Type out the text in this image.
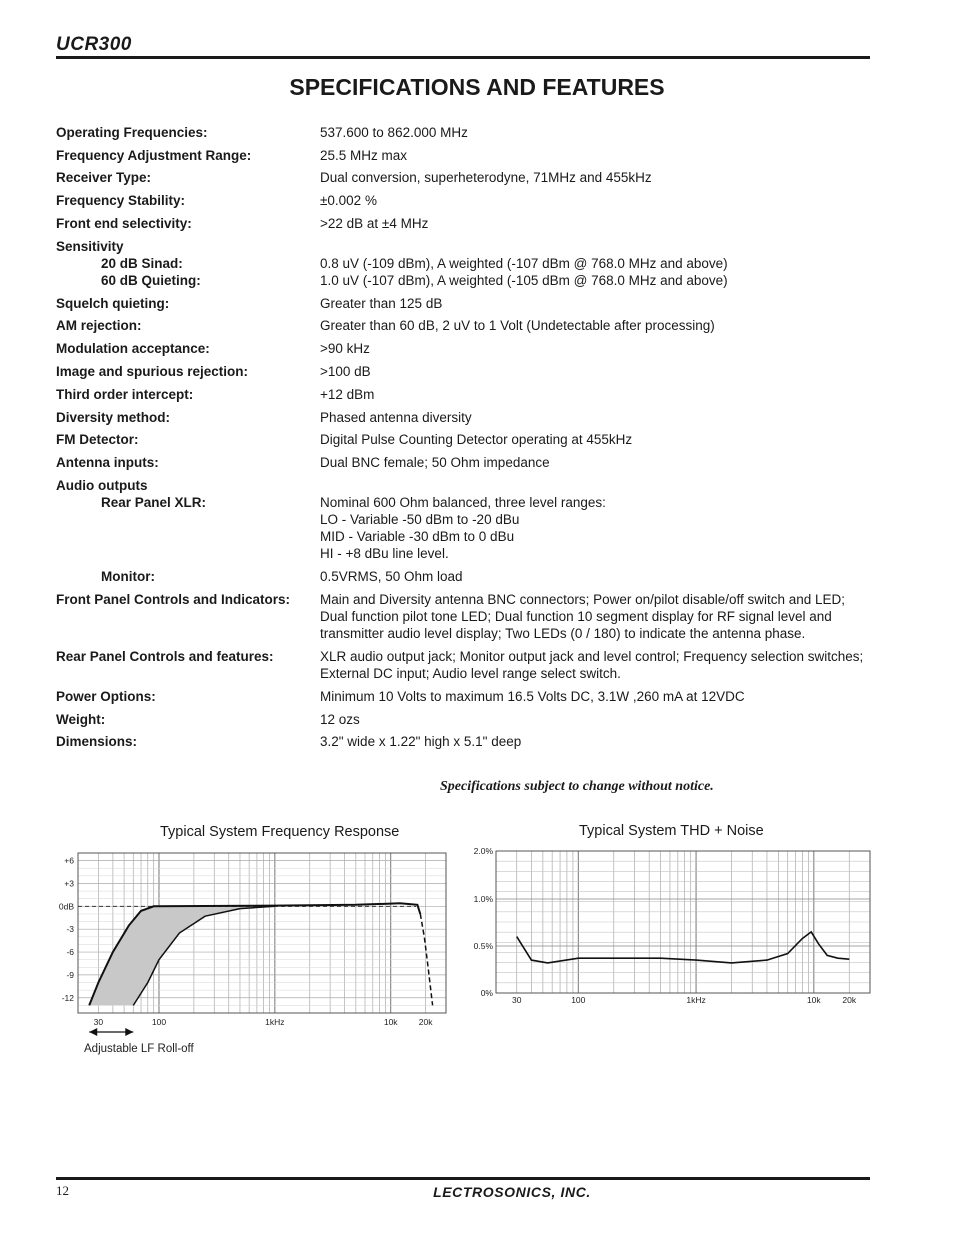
UCR300
SPECIFICATIONS AND FEATURES
Operating Frequencies:	537.600 to 862.000 MHz
Frequency Adjustment Range:	25.5 MHz max
Receiver Type:	Dual conversion, superheterodyne, 71MHz and 455kHz
Frequency Stability:	±0.002 %
Front end selectivity:	>22 dB at ±4 MHz
Sensitivity
20 dB Sinad:	0.8 uV (-109 dBm), A weighted (-107 dBm @ 768.0 MHz and above)
60 dB Quieting:	1.0 uV (-107 dBm), A weighted (-105 dBm @ 768.0 MHz and above)
Squelch quieting:	Greater than 125 dB
AM rejection:	Greater than 60 dB, 2 uV to 1 Volt (Undetectable after processing)
Modulation acceptance:	>90 kHz
Image and spurious rejection:	>100 dB
Third order intercept:	+12 dBm
Diversity method:	Phased antenna diversity
FM Detector:	Digital Pulse Counting Detector operating at 455kHz
Antenna inputs:	Dual BNC female; 50 Ohm impedance
Audio outputs
Rear Panel XLR:	Nominal 600 Ohm balanced, three level ranges:
LO - Variable -50 dBm to -20 dBu
MID - Variable -30 dBm to 0 dBu
HI - +8 dBu line level.
Monitor:	0.5VRMS, 50 Ohm load
Front Panel Controls and Indicators: Main and Diversity antenna BNC connectors; Power on/pilot disable/off switch and LED; Dual function pilot tone LED; Dual function 10 segment display for RF signal level and transmitter audio level display; Two LEDs (0 / 180) to indicate the antenna phase.
Rear Panel Controls and features:	XLR audio output jack; Monitor output jack and level control; Frequency selection switches; External DC input; Audio level range select switch.
Power Options:	Minimum 10 Volts to maximum 16.5 Volts DC, 3.1W ,260 mA at 12VDC
Weight:	12 ozs
Dimensions:	3.2" wide x 1.22" high x 5.1" deep
Specifications subject to change without notice.
Typical System Frequency Response
+6
+3
0dB
-3
-6
-9
-12
30	100	1kHz	10k 20k
Adjustable LF Roll-off
Typical System THD + Noise
2.0%
1.0%
0.5%
0%
30	100	1kHz	10k	20k
12	LECTROSONICS, INC.
